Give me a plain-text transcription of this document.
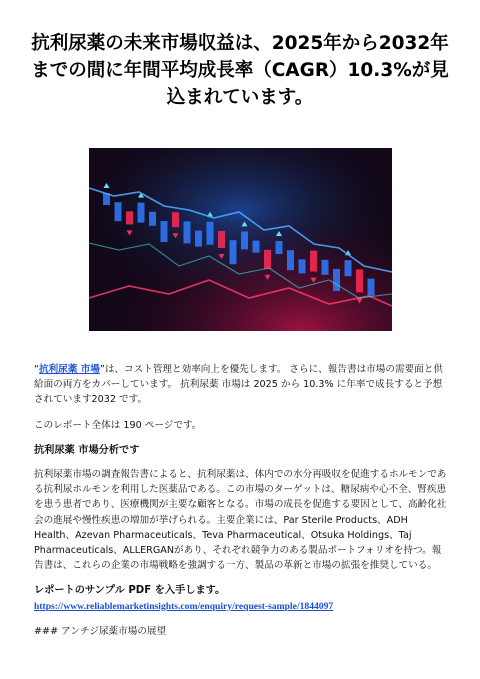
抗利尿薬の未来市場収益は、2025年から2032年までの間に年間平均成長率（CAGR）10.3%が見込まれています。

“抗利尿薬 市場”は、コスト管理と効率向上を優先します。 さらに、報告書は市場の需要面と供給面の両方をカバーしています。 抗利尿薬 市場は 2025 から 10.3% に年率で成長すると予想されています2032 です。

このレポート全体は 190 ページです。

抗利尿薬 市場分析です

抗利尿薬市場の調査報告書によると、抗利尿薬は、体内での水分再吸収を促進するホルモンである抗利尿ホルモンを利用した医薬品である。この市場のターゲットは、糖尿病や心不全、腎疾患を患う患者であり、医療機関が主要な顧客となる。市場の成長を促進する要因として、高齢化社会の進展や慢性疾患の増加が挙げられる。主要企業には、Par Sterile Products、ADH Health、Azevan Pharmaceuticals、Teva Pharmaceutical、Otsuka Holdings、Taj Pharmaceuticals、ALLERGANがあり、それぞれ競争力のある製品ポートフォリオを持つ。報告書は、これらの企業の市場戦略を強調する一方、製品の革新と市場の拡張を推奨している。

レポートのサンプル PDF を入手します。 https://www.reliablemarketinsights.com/enquiry/request-sample/1844097
### アンチジ尿薬市場の展望
